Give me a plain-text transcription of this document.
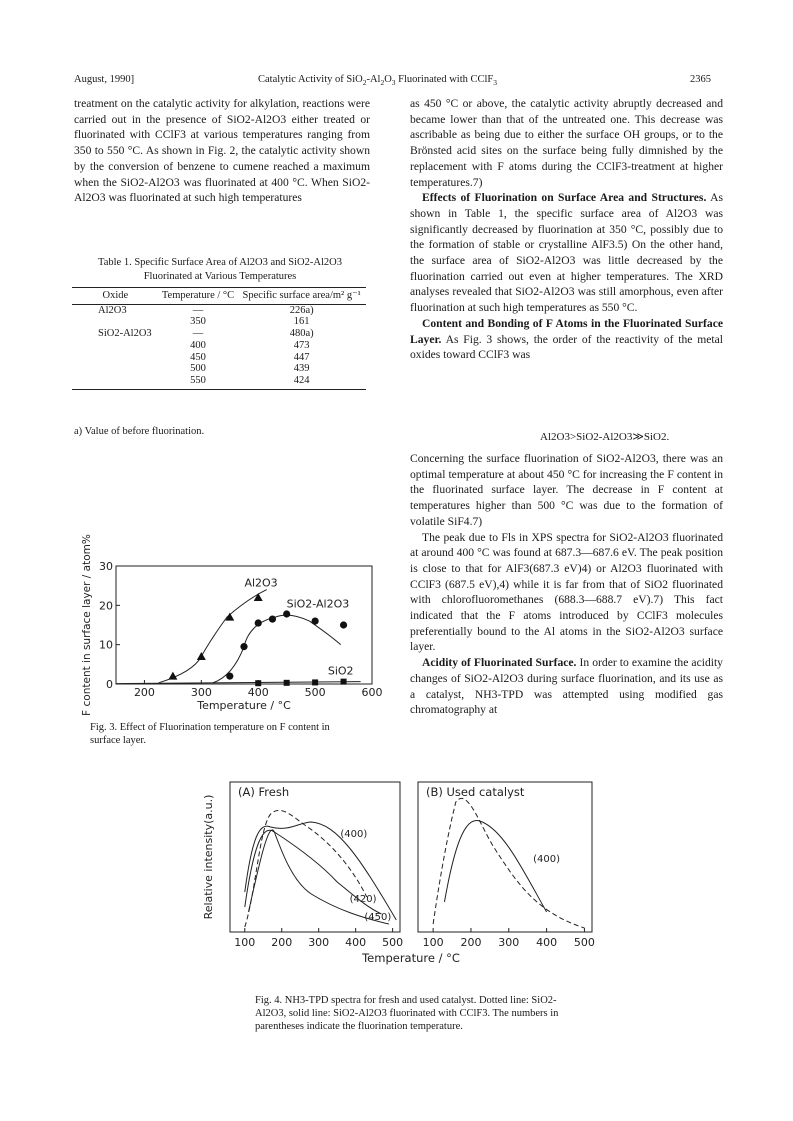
August, 1990]	Catalytic Activity of $SiO_2-Al_2O_3$ Fluorinated with CClF$_3$	2365

treatment on the catalytic activity for alkylation, reactions were carried out in the presence of SiO2-Al2O3 either treated or fluorinated with CClF3 at various temperatures ranging from 350 to 550 °C. As shown in Fig. 2, the catalytic activity shown by the conversion of benzene to cumene reached a maximum when the SiO2-Al2O3 was fluorinated at 400 °C. When SiO2-Al2O3 was fluorinated at such high temperatures

Table 1. Specific Surface Area of Al2O3 and SiO2-Al2O3 Fluorinated at Various Temperatures
Oxide	Temperature / °C	Specific surface area/m² g⁻¹
Al2O3	—	226a)
	350	161
SiO2-Al2O3	—	480a)
	400	473
	450	447
	500	439
	550	424
a) Value of before fluorination.
200	300	400	500	600
0
10
20
30
Temperature / °C
F content in surface layer / atom%	Al2O3
SiO2-Al2O3
SiO2
Fig. 3. Effect of Fluorination temperature on F content in surface layer.

as 450 °C or above, the catalytic activity abruptly decreased and became lower than that of the untreated one. This decrease was ascribable as being due to either the surface OH groups, or to the Brönsted acid sites on the surface being fully dimnished by the replacement with F atoms during the CClF3-treatment at higher temperatures.7)

Effects of Fluorination on Surface Area and Structures. As shown in Table 1, the specific surface area of Al2O3 was significantly decreased by fluorination at 350 °C, possibly due to the formation of stable or crystalline AlF3.5) On the other hand, the surface area of SiO2-Al2O3 was little decreased by the fluorination carried out even at higher temperatures. The XRD analyses revealed that SiO2-Al2O3 was still amorphous, even after fluorination at such high temperatures as 550 °C.

Content and Bonding of F Atoms in the Fluorinated Surface Layer. As Fig. 3 shows, the order of the reactivity of the metal oxides toward CClF3 was

Al2O3>SiO2-Al2O3≫SiO2.

Concerning the surface fluorination of SiO2-Al2O3, there was an optimal temperature at about 450 °C for increasing the F content in the fluorinated surface layer. The decrease in F content at temperatures higher than 500 °C was due to the formation of volatile SiF4.7)

The peak due to Fls in XPS spectra for SiO2-Al2O3 fluorinated at around 400 °C was found at 687.3—687.6 eV. The peak position is close to that for AlF3(687.3 eV)4) or Al2O3 fluorinated with CClF3 (687.5 eV),4) while it is far from that of SiO2 fluorinated with chlorofluoromethanes (688.3—688.7 eV).7) This fact indicated that the F atoms introduced by CClF3 molecules preferentially bound to the Al atoms in the SiO2-Al2O3 surface layer.

Acidity of Fluorinated Surface. In order to examine the acidity changes of SiO2-Al2O3 during surface fluorination, and its use as a catalyst, NH3-TPD was attempted using modified gas chromatography at

100 200 300 400 500 100 200 300 400 500
(A) Fresh	(B) Used catalyst
Temperature / °C
Relative intensity(a.u.)	(400)
(420)
(450)
(400)
Fig. 4. NH3-TPD spectra for fresh and used catalyst. Dotted line: SiO2-Al2O3, solid line: SiO2-Al2O3 fluorinated with CClF3. The numbers in parentheses indicate the fluorination temperature.
